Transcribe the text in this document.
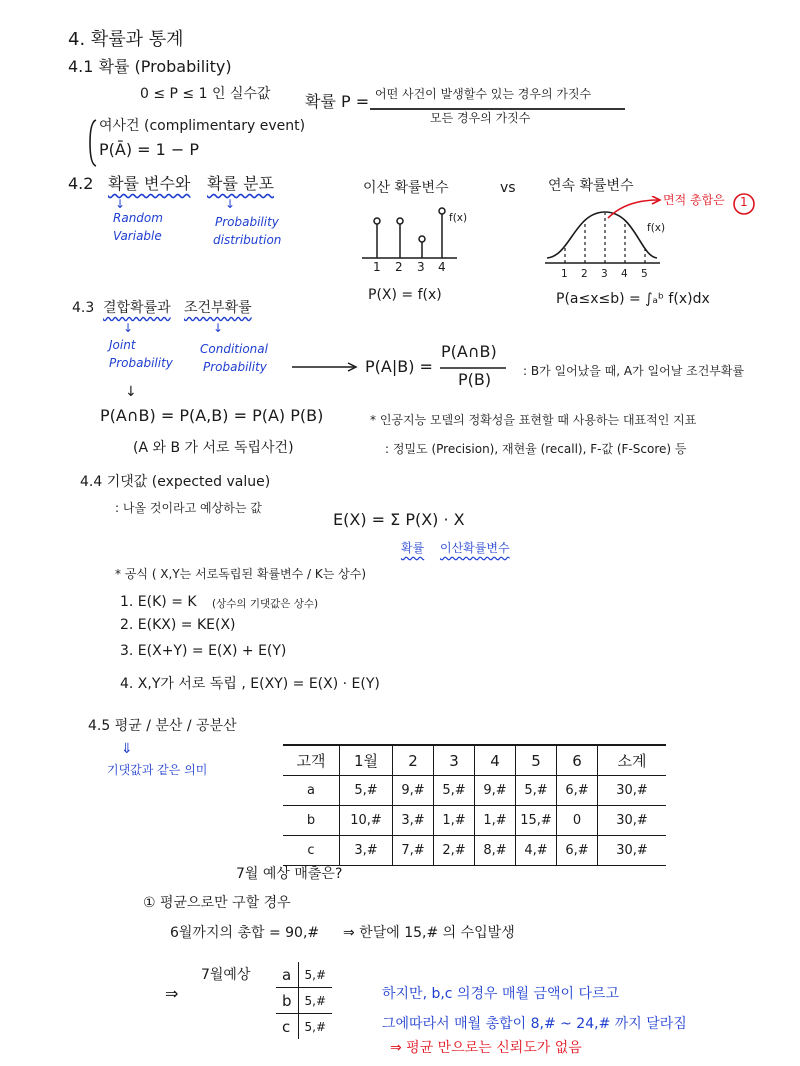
4. 확률과 통계
4.1 확률 (Probability)
0 ≤ P ≤ 1 인 실수값 확률 P = 어떤 사건이 발생할수 있는 경우의 가짓수
모든 경우의 가짓수
여사건 (complimentary event)
P(Ā) = 1 − P
4.2 확률 변수와 확률 분포
↓	↓
Random
Variable
Probability
distribution
이산 확률변수	vs 연속 확률변수
f(x)
1 2 3 4
P(X) = f(x)
f(x)
1 2 3 4 5
면적 총합은 1
P(a≤x≤b) = ∫ₐᵇ f(x)dx
4.3 결합확률과 조건부확률
↓	↓
Joint
Probability
Conditional
Probability	P(A|B) =
P(A∩B)
P(B)	: B가 일어났을 때, A가 일어날 조건부확률
↓
P(A∩B) = P(A,B) = P(A) P(B)
(A 와 B 가 서로 독립사건)
* 인공지능 모델의 정확성을 표현할 때 사용하는 대표적인 지표
: 정밀도 (Precision), 재현율 (recall), F-값 (F-Score) 등
4.4 기댓값 (expected value)
: 나올 것이라고 예상하는 값
E(X) = Σ P(X) · X
확률 이산확률변수
* 공식 ( X,Y는 서로독립된 확률변수 / K는 상수)
1. E(K) = K (상수의 기댓값은 상수)
2. E(KX) = KE(X)
3. E(X+Y) = E(X) + E(Y)
4. X,Y가 서로 독립 , E(XY) = E(X) · E(Y)
4.5 평균 / 분산 / 공분산
⇓
기댓값과 같은 의미	고객	1월	2	3	4	5	6	소계
a	5,#	9,#	5,#	9,#	5,#	6,#	30,#
b	10,#	3,#	1,#	1,#	15,#	0	30,#
c	3,#	7,#	2,#	8,#	4,#	6,#	30,#
7월 예상 매출은?
① 평균으로만 구할 경우
6월까지의 총합 = 90,# ⇒ 한달에 15,# 의 수입발생
⇒
7월예상 a	5,#
b	5,#
c	5,#
하지만, b,c 의경우 매월 금액이 다르고
그에따라서 매월 총합이 8,# ~ 24,# 까지 달라짐
⇒ 평균 만으로는 신뢰도가 없음
